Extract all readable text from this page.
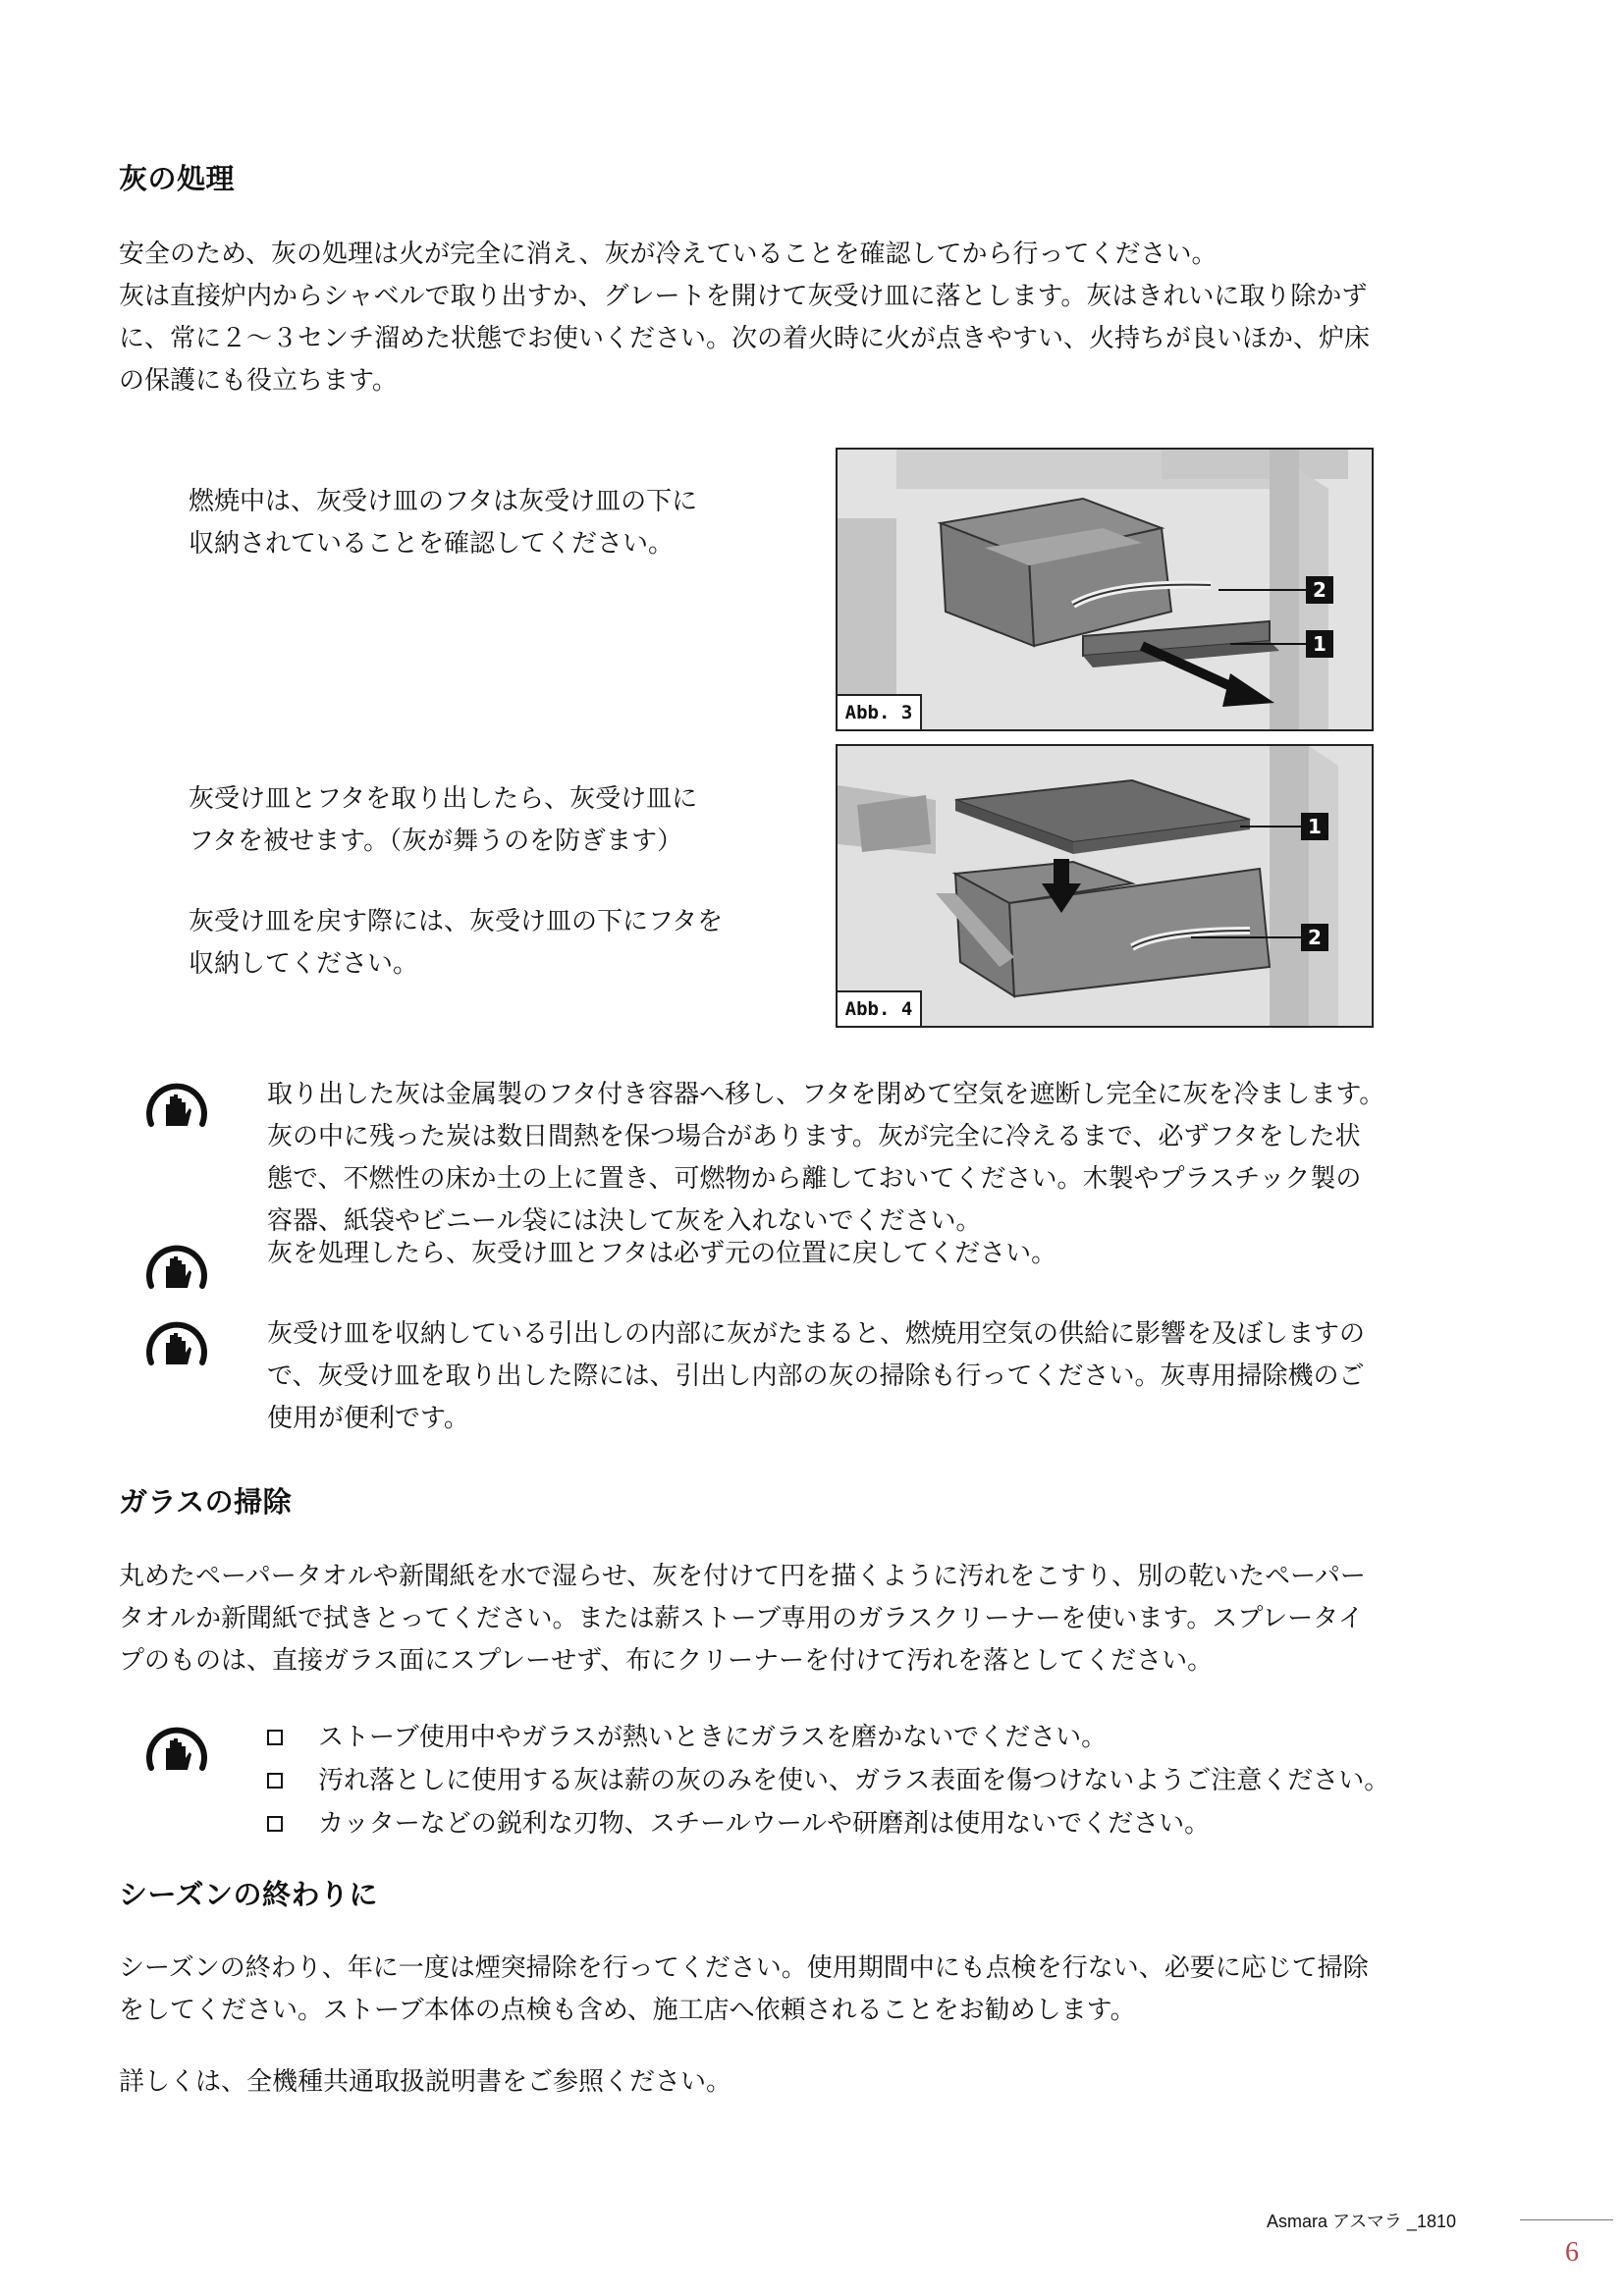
灰の処理
安全のため、灰の処理は火が完全に消え、灰が冷えていることを確認してから行ってください。
灰は直接炉内からシャベルで取り出すか、グレートを開けて灰受け皿に落とします。灰はきれいに取り除かず
に、常に２～３センチ溜めた状態でお使いください。次の着火時に火が点きやすい、火持ちが良いほか、炉床
の保護にも役立ちます。
燃焼中は、灰受け皿のフタは灰受け皿の下に
収納されていることを確認してください。
2
1
Abb. 3
灰受け皿とフタを取り出したら、灰受け皿に
フタを被せます。（灰が舞うのを防ぎます）
灰受け皿を戻す際には、灰受け皿の下にフタを
収納してください。
1
2
Abb. 4
取り出した灰は金属製のフタ付き容器へ移し、フタを閉めて空気を遮断し完全に灰を冷まします。
灰の中に残った炭は数日間熱を保つ場合があります。灰が完全に冷えるまで、必ずフタをした状
態で、不燃性の床か土の上に置き、可燃物から離しておいてください。木製やプラスチック製の
容器、紙袋やビニール袋には決して灰を入れないでください。
灰を処理したら、灰受け皿とフタは必ず元の位置に戻してください。
灰受け皿を収納している引出しの内部に灰がたまると、燃焼用空気の供給に影響を及ぼしますの
で、灰受け皿を取り出した際には、引出し内部の灰の掃除も行ってください。灰専用掃除機のご
使用が便利です。
ガラスの掃除
丸めたペーパータオルや新聞紙を水で湿らせ、灰を付けて円を描くように汚れをこすり、別の乾いたペーパー
タオルか新聞紙で拭きとってください。または薪ストーブ専用のガラスクリーナーを使います。スプレータイ
プのものは、直接ガラス面にスプレーせず、布にクリーナーを付けて汚れを落としてください。
ストーブ使用中やガラスが熱いときにガラスを磨かないでください。
汚れ落としに使用する灰は薪の灰のみを使い、ガラス表面を傷つけないようご注意ください。
カッターなどの鋭利な刃物、スチールウールや研磨剤は使用ないでください。
シーズンの終わりに
シーズンの終わり、年に一度は煙突掃除を行ってください。使用期間中にも点検を行ない、必要に応じて掃除
をしてください。ストーブ本体の点検も含め、施工店へ依頼されることをお勧めします。
詳しくは、全機種共通取扱説明書をご参照ください。
Asmara アスマラ _1810
6
